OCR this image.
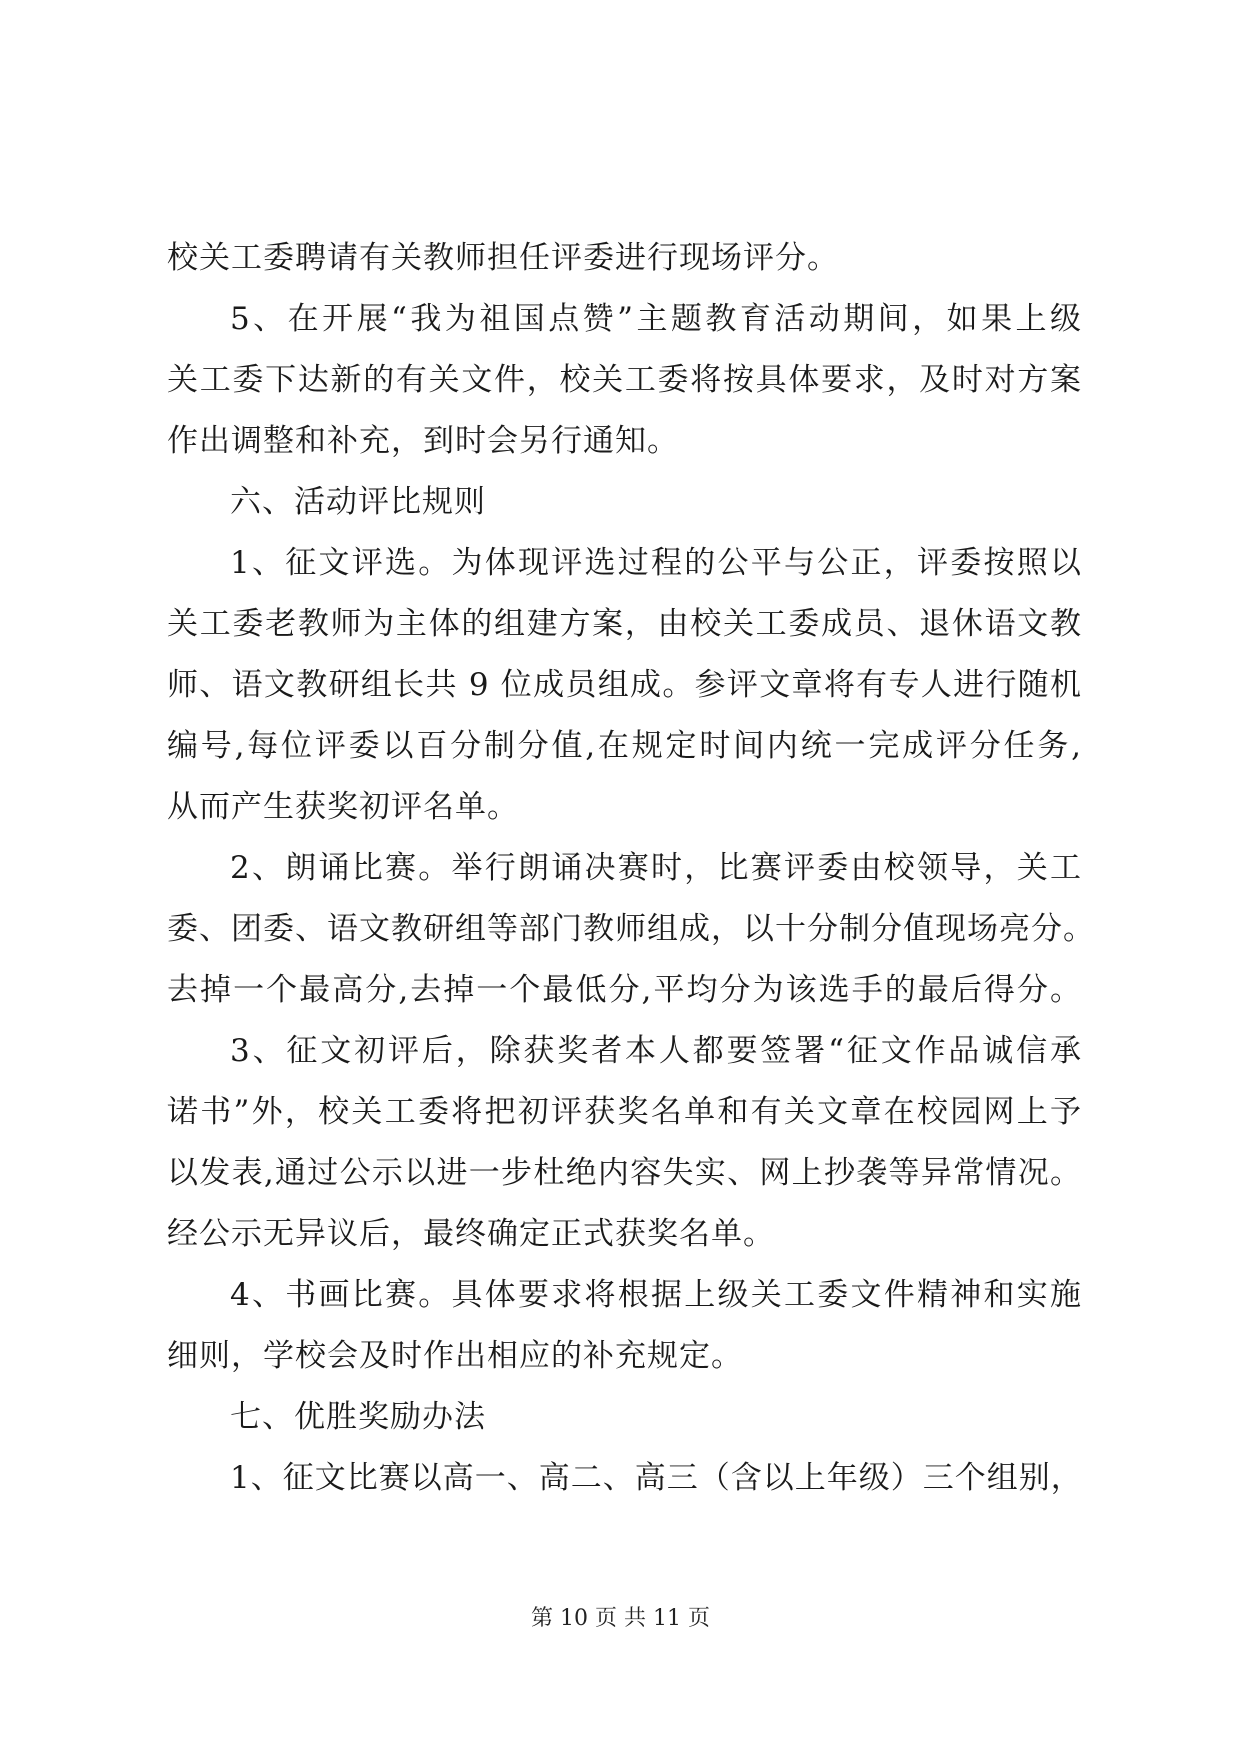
校关工委聘请有关教师担任评委进行现场评分。
5、在开展“我为祖国点赞”主题教育活动期间，如果上级
关工委下达新的有关文件，校关工委将按具体要求，及时对方案
作出调整和补充，到时会另行通知。
六、活动评比规则
1、征文评选。为体现评选过程的公平与公正，评委按照以
关工委老教师为主体的组建方案，由校关工委成员、退休语文教
师、语文教研组长共 9 位成员组成。参评文章将有专人进行随机
编号,每位评委以百分制分值,在规定时间内统一完成评分任务,
从而产生获奖初评名单。
2、朗诵比赛。举行朗诵决赛时，比赛评委由校领导，关工
委、团委、语文教研组等部门教师组成，以十分制分值现场亮分。
去掉一个最高分,去掉一个最低分,平均分为该选手的最后得分。
3、征文初评后，除获奖者本人都要签署“征文作品诚信承
诺书”外，校关工委将把初评获奖名单和有关文章在校园网上予
以发表,通过公示以进一步杜绝内容失实、网上抄袭等异常情况。
经公示无异议后，最终确定正式获奖名单。
4、书画比赛。具体要求将根据上级关工委文件精神和实施
细则，学校会及时作出相应的补充规定。
七、优胜奖励办法
1、征文比赛以高一、高二、高三（含以上年级）三个组别，
第 10 页 共 11 页
